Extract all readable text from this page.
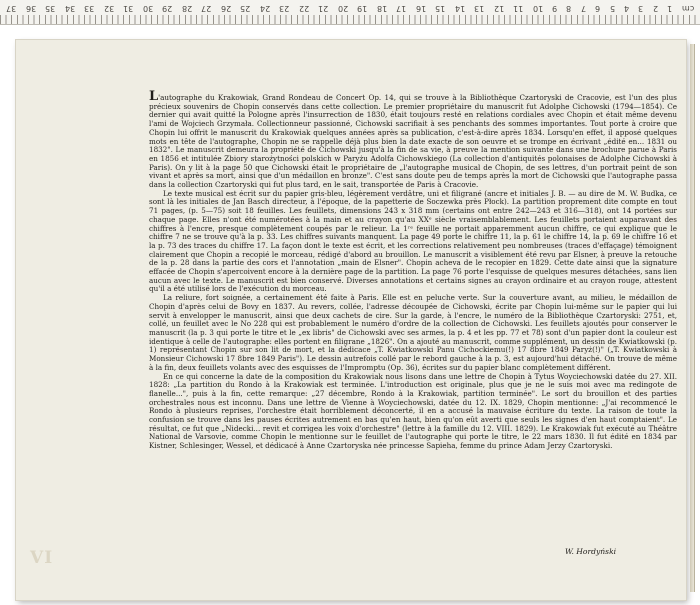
37 36 35 34 33 32 31 30 29 28 27 26 25 24 23 22 21 20 19 18 17 16 15 14 13 12 11 10 9 8 7 6 5 4 3 2 1 cm

L'autographe du Krakowiak, Grand Rondeau de Concert Op. 14, qui se trouve à la Bibliothèque Czartoryski de Cracovie, est l'un des plus précieux souvenirs de Chopin conservés dans cette collection. Le premier propriétaire du manuscrit fut Adolphe Cichowski (1794—1854). Ce dernier qui avait quitté la Pologne après l'insurrection de 1830, était toujours resté en relations cordiales avec Chopin et était même devenu l'ami de Wojciech Grzymała. Collectionneur passionné, Cichowski sacrifiait à ses penchants des sommes importantes. Tout porte à croire que Chopin lui offrit le manuscrit du Krakowiak quelques années après sa publication, c'est-à-dire après 1834. Lorsqu'en effet, il apposé quelques mots en tête de l'autographe, Chopin ne se rappelle déjà plus bien la date exacte de son oeuvre et se trompe en écrivant „édité en... 1831 ou 1832". Le manuscrit demeura la propriété de Cichowski jusqu'à la fin de sa vie, à preuve la mention suivante dans une brochure parue à Paris en 1856 et intitulée Zbiory starożytności polskich w Paryżu Adolfa Cichowskiego (La collection d'antiquités polonaises de Adolphe Cichowski à Paris). On y lit à la page 50 que Cichowski était le propriétaire de „l'autographe musical de Chopin, de ses lettres, d'un portrait peint de son vivant et après sa mort, ainsi que d'un médaillon en bronze". C'est sans doute peu de temps après la mort de Cichowski que l'autographe passa dans la collection Czartoryski qui fut plus tard, en le sait, transportée de Paris à Cracovie.

Le texte musical est écrit sur du papier gris-bleu, légèrement verdâtre, uni et filigrané (ancre et initiales J. B. — au dire de M. W. Budka, ce sont là les initiales de Jan Basch directeur, à l'époque, de la papetterie de Soczewka près Płock). La partition proprement dite compte en tout 71 pages, (p. 5—75) soit 18 feuilles. Les feuillets, dimensions 243 x 318 mm (certains ont entre 242—243 et 316—318), ont 14 portées sur chaque page. Elles n'ont été numérotées à la main et au crayon qu'au XXᵉ siècle vraisemblablement. Les feuillets portaient auparavant des chiffres à l'encre, presque complètement coupés par le relieur. La 1ʳᵉ feuille ne portait apparemment aucun chiffre, ce qui explique que le chiffre 7 ne se trouve qu'à la p. 33. Les chiffres suivants manquent. La page 49 porte le chiffre 11, la p. 61 le chiffre 14, la p. 69 le chiffre 16 et la p. 73 des traces du chiffre 17. La façon dont le texte est écrit, et les corrections relativement peu nombreuses (traces d'effaçage) témoignent clairement que Chopin a recopié le morceau, rédigé d'abord au brouillon. Le manuscrit a visiblement été revu par Elsner, à preuve la retouche de la p. 28 dans la partie des cors et l'annotation „main de Elsner". Chopin acheva de le recopier en 1829. Cette date ainsi que la signature effacée de Chopin s'apercoivent encore à la dernière page de la partition. La page 76 porte l'esquisse de quelques mesures détachées, sans lien aucun avec le texte. Le manuscrit est bien conservé. Diverses annotations et certains signes au crayon ordinaire et au crayon rouge, attestent qu'il a été utilisé lors de l'exécution du morceau.

La reliure, fort soignée, a certainement été faite à Paris. Elle est en peluche verte. Sur la couverture avant, au milieu, le médaillon de Chopin d'après celui de Bovy en 1837. Au revers, collée, l'adresse découpée de Cichowski, écrite par Chopin lui-même sur le papier qui lui servit à envelopper le manuscrit, ainsi que deux cachets de cire. Sur la garde, à l'encre, le numéro de la Bibliothèque Czartoryski: 2751, et, collé, un feuillet avec le No 228 qui est probablement le numéro d'ordre de la collection de Cichowski. Les feuillets ajoutés pour conserver le manuscrit (la p. 3 qui porte le titre et le „ex libris" de Cichowski avec ses armes, la p. 4 et les pp. 77 et 78) sont d'un papier dont la couleur est identique à celle de l'autographe: elles portent en filigrane „1826". On a ajouté au manuscrit, comme supplément, un dessin de Kwiatkowski (p. 1) représentant Chopin sur son lit de mort, et la dédicace „T. Kwiatkowski Panu Cichockiemu(!) 17 8bre 1849 Paryż(!)" („T. Kwiatkowski à Monsieur Cichowski 17 8bre 1849 Paris"). Le dessin autrefois collé par le rebord gauche à la p. 3, est aujourd'hui détaché. On trouve de même à la fin, deux feuillets volants avec des esquisses de l'Impromptu (Op. 36), écrites sur du papier blanc complètement différent.

En ce qui concerne la date de la composition du Krakowiak nous lisons dans une lettre de Chopin à Tytus Woyciechowski datée du 27. XII. 1828: „La partition du Rondo à la Krakowiak est terminée. L'introduction est originale, plus que je ne le suis moi avec ma redingote de flanelle...", puis à la fin, cette remarque: „27 décembre, Rondo à la Krakowiak, partition terminée". Le sort du brouillon et des parties orchestrales nous est inconnu. Dans une lettre de Vienne à Woyciechowski, datée du 12. IX. 1829, Chopin mentionne: „J'ai recommencé le Rondo à plusieurs reprises, l'orchestre était horriblement déconcerté, il en a accusé la mauvaise écriture du texte. La raison de toute la confusion se trouve dans les pauses écrites autrement en bas qu'en haut, bien qu'on eût averti que seuls les signes d'en haut comptaient". Le résultat, ce fut que „Nidecki... revit et corrigea les voix d'orchestre" (lettre à la famille du 12. VIII. 1829). Le Krakowiak fut exécuté au Théâtre National de Varsovie, comme Chopin le mentionne sur le feuillet de l'autographe qui porte le titre, le 22 mars 1830. Il fut édité en 1834 par Kistner, Schlesinger, Wessel, et dédicacé à Anne Czartoryska née princesse Sapieha, femme du prince Adam Jerzy Czartoryski.

W. Hordyński
VI
